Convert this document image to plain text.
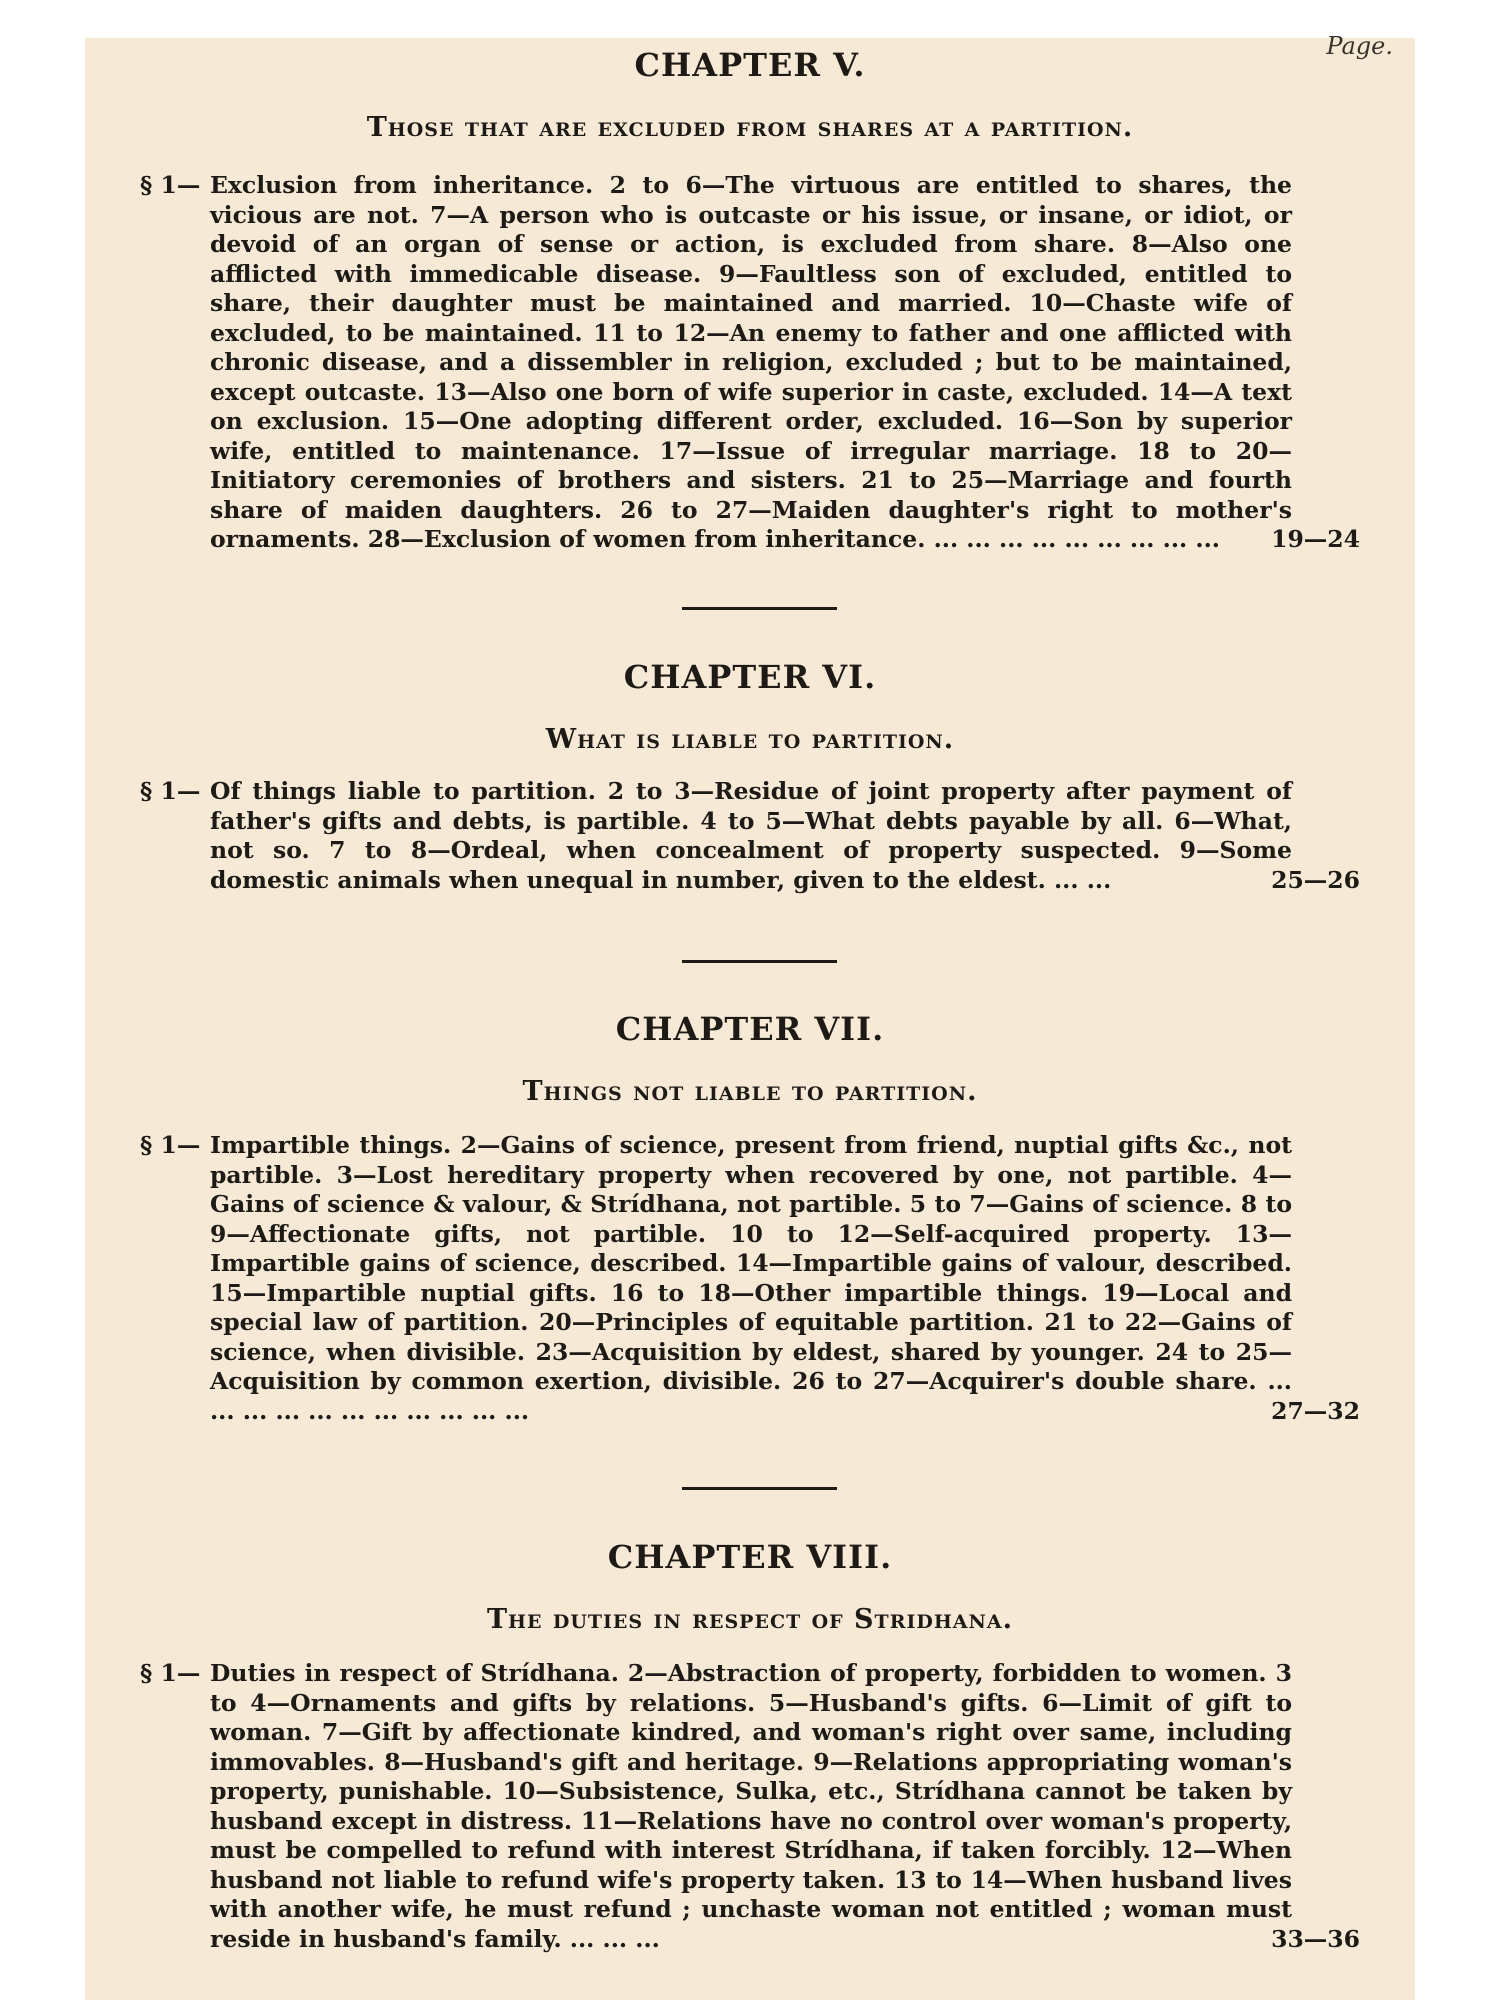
Page.
CHAPTER V.
Those that are excluded from shares at a partition.
§ 1— Exclusion from inheritance. 2 to 6—The virtuous are entitled to shares, the vicious are not. 7—A person who is outcaste or his issue, or insane, or idiot, or devoid of an organ of sense or action, is excluded from share. 8—Also one afflicted with immedicable disease. 9—Faultless son of excluded, entitled to share, their daughter must be maintained and married. 10—Chaste wife of excluded, to be maintained. 11 to 12—An enemy to father and one afflicted with chronic disease, and a dissembler in religion, excluded ; but to be maintained, except outcaste. 13—Also one born of wife superior in caste, excluded. 14—A text on exclusion. 15—One adopting different order, excluded. 16—Son by superior wife, entitled to maintenance. 17—Issue of irregular marriage. 18 to 20—Initiatory ceremonies of brothers and sisters. 21 to 25—Marriage and fourth share of maiden daughters. 26 to 27—Maiden daughter's right to mother's ornaments. 28—Exclusion of women from inheritance. ... ... ... ... ... ... ... ... ...	19—24
CHAPTER VI.
What is liable to partition.
§ 1— Of things liable to partition. 2 to 3—Residue of joint property after payment of father's gifts and debts, is partible. 4 to 5—What debts payable by all. 6—What, not so. 7 to 8—Ordeal, when concealment of property suspected. 9—Some domestic animals when unequal in number, given to the eldest. ... ...	25—26
CHAPTER VII.
Things not liable to partition.
§ 1— Impartible things. 2—Gains of science, present from friend, nuptial gifts &c., not partible. 3—Lost hereditary property when recovered by one, not partible. 4—Gains of science & valour, & Strídhana, not partible. 5 to 7—Gains of science. 8 to 9—Affectionate gifts, not partible. 10 to 12—Self-acquired property. 13—Impartible gains of science, described. 14—Impartible gains of valour, described. 15—Impartible nuptial gifts. 16 to 18—Other impartible things. 19—Local and special law of partition. 20—Principles of equitable partition. 21 to 22—Gains of science, when divisible. 23—Acquisition by eldest, shared by younger. 24 to 25—Acquisition by common exertion, divisible. 26 to 27—Acquirer's double share. ... ... ... ... ... ... ... ... ... ... ...	27—32
CHAPTER VIII.
The duties in respect of Stridhana.
§ 1— Duties in respect of Strídhana. 2—Abstraction of property, forbidden to women. 3 to 4—Ornaments and gifts by relations. 5—Husband's gifts. 6—Limit of gift to woman. 7—Gift by affectionate kindred, and woman's right over same, including immovables. 8—Husband's gift and heritage. 9—Relations appropriating woman's property, punishable. 10—Subsistence, Sulka, etc., Strídhana cannot be taken by husband except in distress. 11—Relations have no control over woman's property, must be compelled to refund with interest Strídhana, if taken forcibly. 12—When husband not liable to refund wife's property taken. 13 to 14—When husband lives with another wife, he must refund ; unchaste woman not entitled ; woman must reside in husband's family. ... ... ...	33—36
